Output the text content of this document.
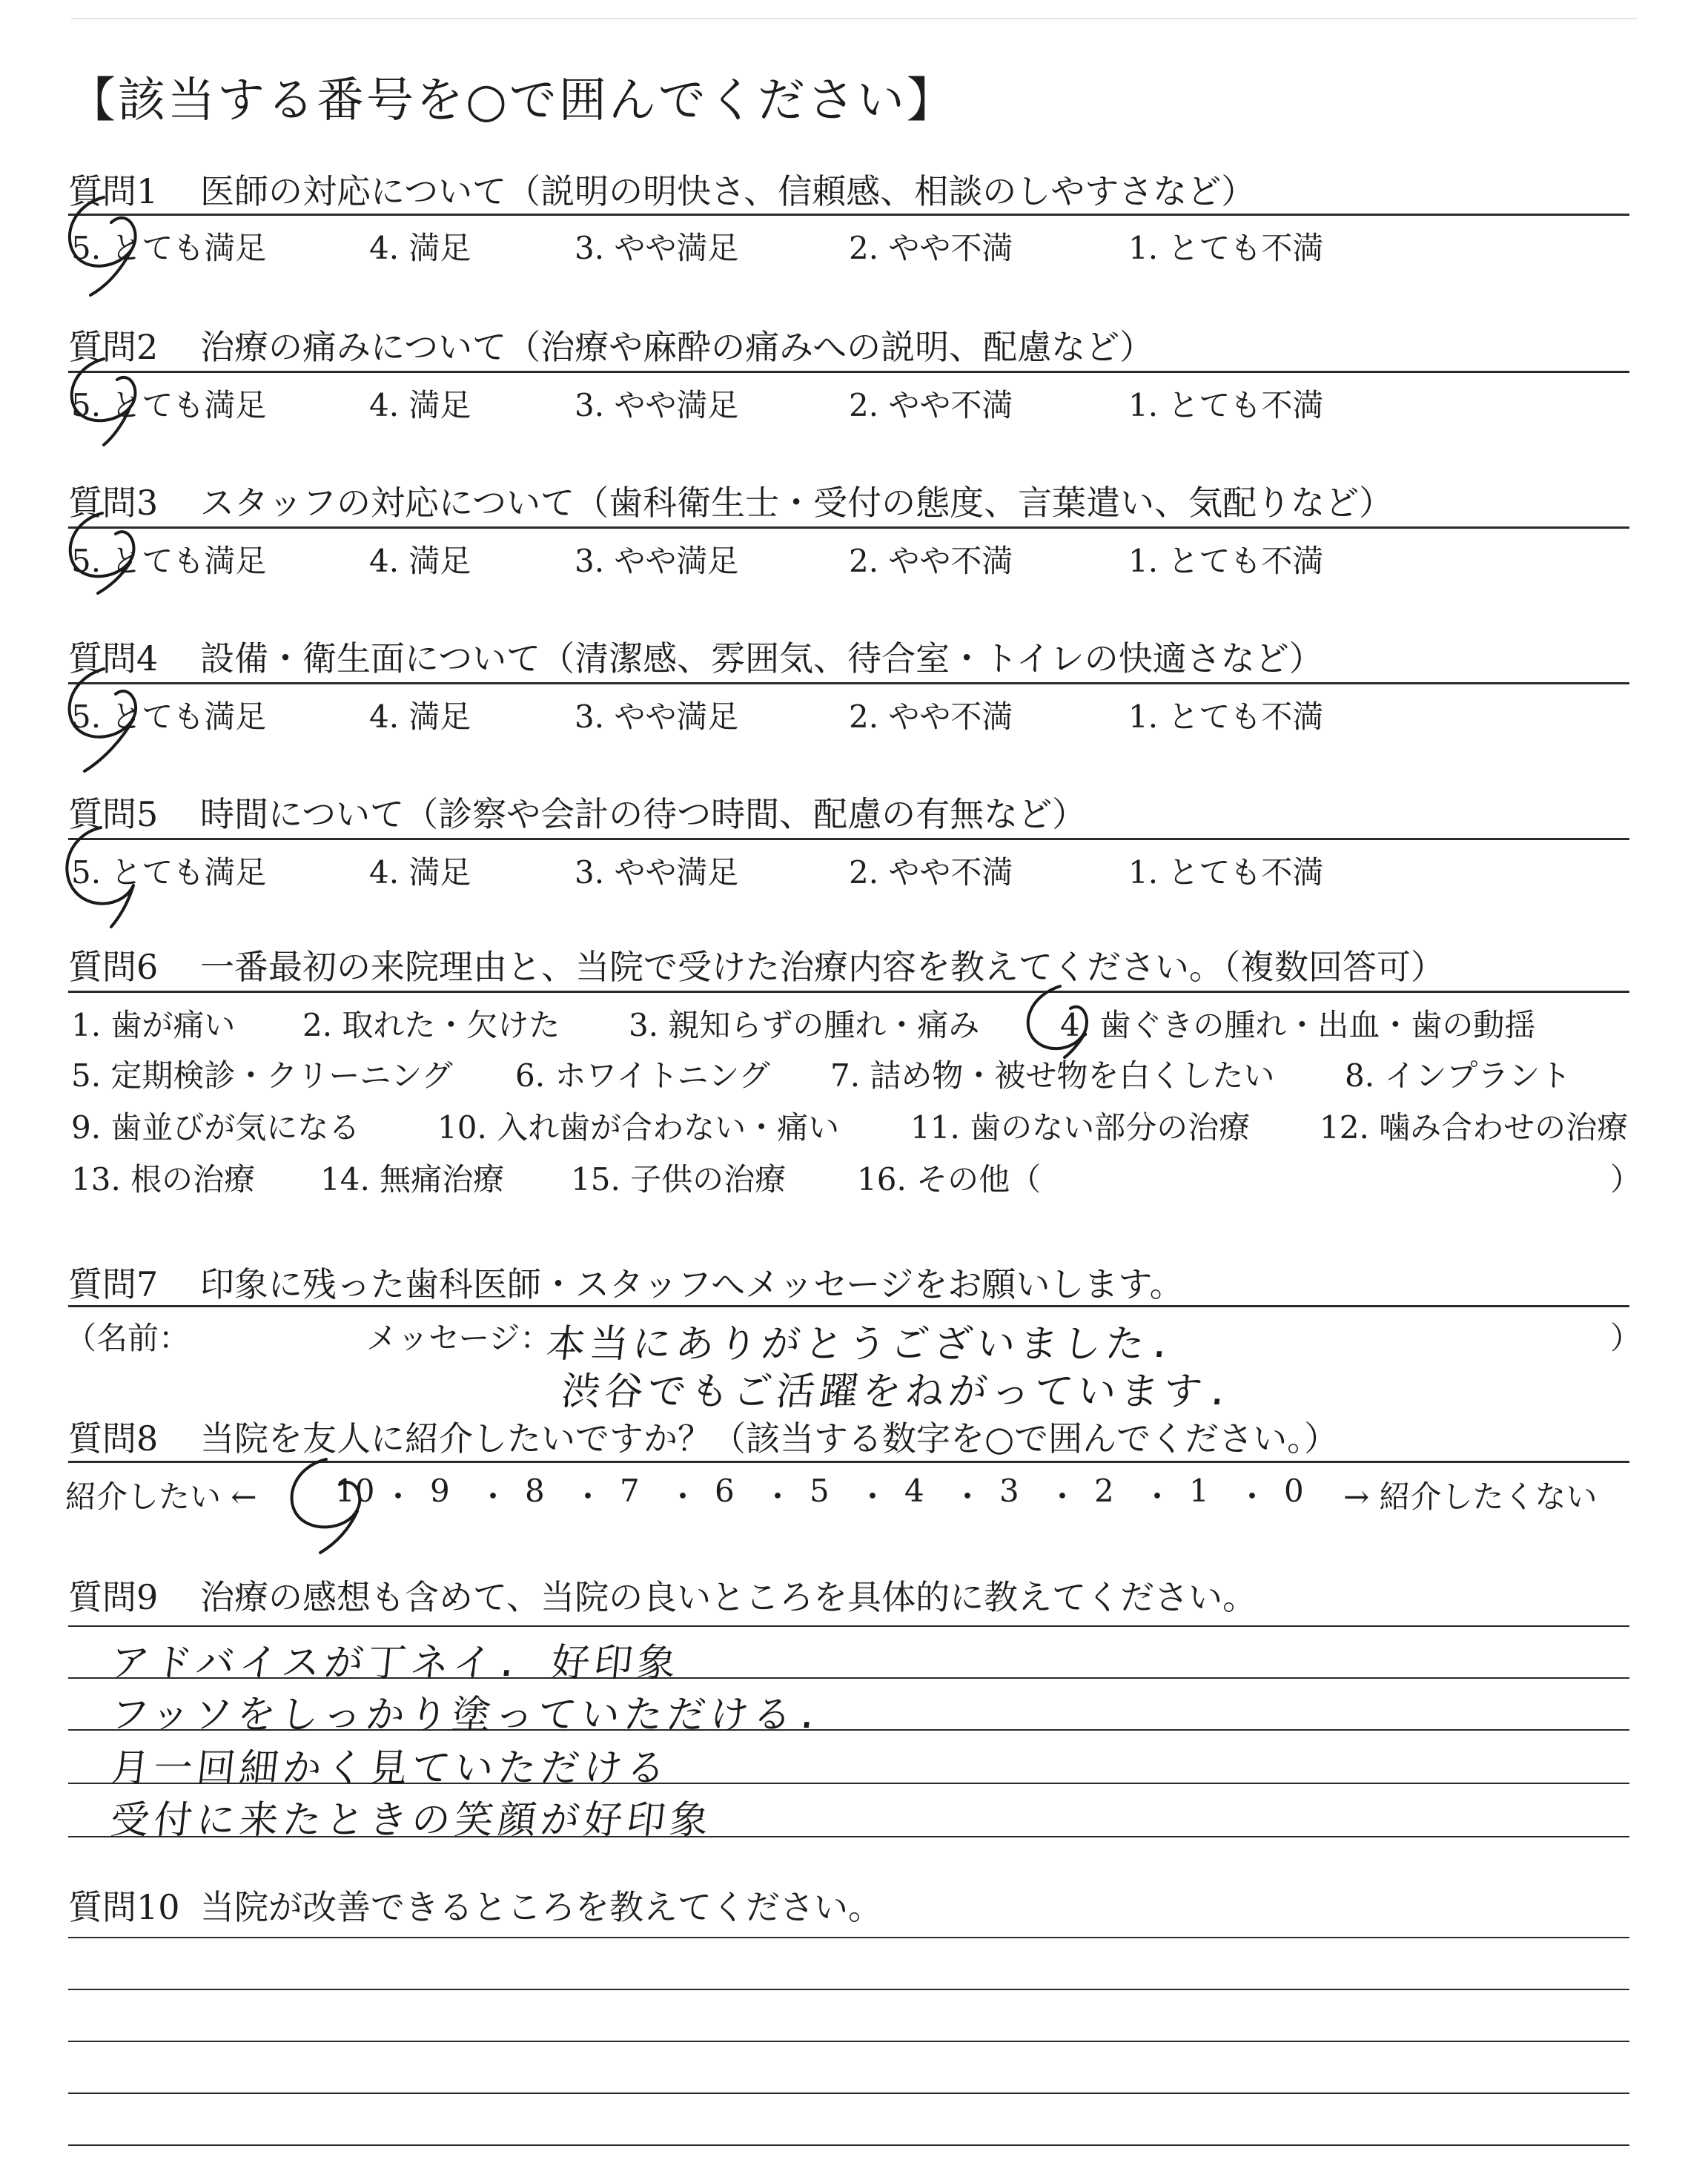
【該当する番号を○で囲んでください】
質問1 医師の対応について（説明の明快さ、信頼感、相談のしやすさなど）
5. とても満足	4. 満足	3. やや満足	2. やや不満	1. とても不満
質問2 治療の痛みについて（治療や麻酔の痛みへの説明、配慮など）
5. とても満足	4. 満足	3. やや満足	2. やや不満	1. とても不満
質問3 スタッフの対応について（歯科衛生士・受付の態度、言葉遣い、気配りなど）
5. とても満足	4. 満足	3. やや満足	2. やや不満	1. とても不満
質問4 設備・衛生面について（清潔感、雰囲気、待合室・トイレの快適さなど）
5. とても満足	4. 満足	3. やや満足	2. やや不満	1. とても不満
質問5 時間について（診察や会計の待つ時間、配慮の有無など）
5. とても満足	4. 満足	3. やや満足	2. やや不満	1. とても不満
質問6 一番最初の来院理由と、当院で受けた治療内容を教えてください。（複数回答可）
1. 歯が痛い 2. 取れた・欠けた 3. 親知らずの腫れ・痛み	4. 歯ぐきの腫れ・出血・歯の動揺
5. 定期検診・クリーニング 6. ホワイトニング 7. 詰め物・被せ物を白くしたい 8. インプラント
9. 歯並びが気になる 10. 入れ歯が合わない・痛い 11. 歯のない部分の治療 12. 噛み合わせの治療
13. 根の治療 14. 無痛治療 15. 子供の治療 16. その他（	）
質問7 印象に残った歯科医師・スタッフへメッセージをお願いします。
（名前：	メッセージ：	）
本当にありがとうございました.
渋谷でもご活躍をねがっています.
質問8 当院を友人に紹介したいですか？（該当する数字を○で囲んでください。）
紹介したい ←	→ 紹介したくない
10 ・ 9 ・ 8 ・ 7 ・ 6 ・ 5 ・ 4 ・ 3 ・ 2 ・ 1 ・ 0
質問9 治療の感想も含めて、当院の良いところを具体的に教えてください。
アドバイスが丁ネイ. 好印象
フッソをしっかり塗っていただける.
月一回細かく見ていただける
受付に来たときの笑顔が好印象
質問10 当院が改善できるところを教えてください。
